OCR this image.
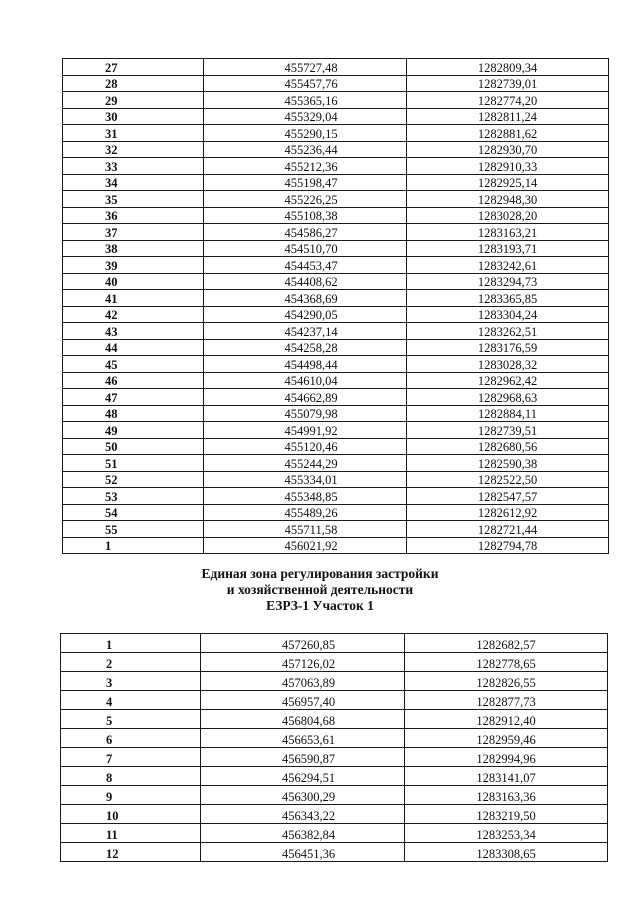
27	455727,48	1282809,34
28	455457,76	1282739,01
29	455365,16	1282774,20
30	455329,04	1282811,24
31	455290,15	1282881,62
32	455236,44	1282930,70
33	455212,36	1282910,33
34	455198,47	1282925,14
35	455226,25	1282948,30
36	455108,38	1283028,20
37	454586,27	1283163,21
38	454510,70	1283193,71
39	454453,47	1283242,61
40	454408,62	1283294,73
41	454368,69	1283365,85
42	454290,05	1283304,24
43	454237,14	1283262,51
44	454258,28	1283176,59
45	454498,44	1283028,32
46	454610,04	1282962,42
47	454662,89	1282968,63
48	455079,98	1282884,11
49	454991,92	1282739,51
50	455120,46	1282680,56
51	455244,29	1282590,38
52	455334,01	1282522,50
53	455348,85	1282547,57
54	455489,26	1282612,92
55	455711,58	1282721,44
1	456021,92	1282794,78
Единая зона регулирования застройки
и хозяйственной деятельности
ЕЗРЗ-1 Участок 1
1	457260,85	1282682,57
2	457126,02	1282778,65
3	457063,89	1282826,55
4	456957,40	1282877,73
5	456804,68	1282912,40
6	456653,61	1282959,46
7	456590,87	1282994,96
8	456294,51	1283141,07
9	456300,29	1283163,36
10	456343,22	1283219,50
11	456382,84	1283253,34
12	456451,36	1283308,65
